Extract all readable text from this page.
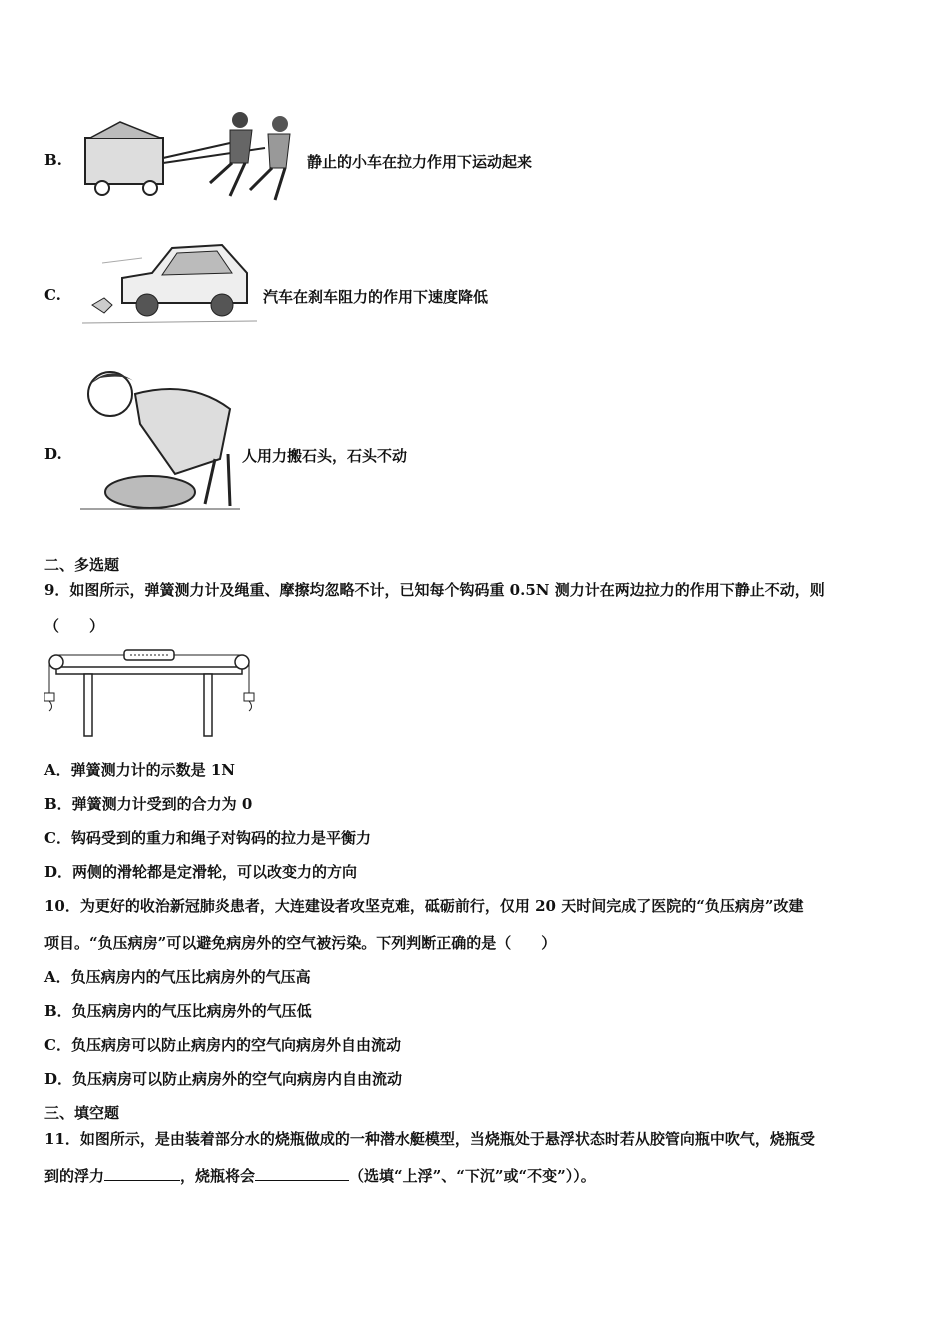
B.	静止的小车在拉力作用下运动起来
C.	汽车在刹车阻力的作用下速度降低
D.	人用力搬石头，石头不动
二、多选题
9．如图所示，弹簧测力计及绳重、摩擦均忽略不计，已知每个钩码重 0.5N 测力计在两边拉力的作用下静止不动，则
（　　）
A．弹簧测力计的示数是 1N
B．弹簧测力计受到的合力为 0
C．钩码受到的重力和绳子对钩码的拉力是平衡力
D．两侧的滑轮都是定滑轮，可以改变力的方向
10．为更好的收治新冠肺炎患者，大连建设者攻坚克难，砥砺前行，仅用 20 天时间完成了医院的“负压病房”改建
项目。“负压病房”可以避免病房外的空气被污染。下列判断正确的是（　　）
A．负压病房内的气压比病房外的气压高
B．负压病房内的气压比病房外的气压低
C．负压病房可以防止病房内的空气向病房外自由流动
D．负压病房可以防止病房外的空气向病房内自由流动
三、填空题
11．如图所示，是由装着部分水的烧瓶做成的一种潜水艇模型，当烧瓶处于悬浮状态时若从胶管向瓶中吹气，烧瓶受
到的浮力	，烧瓶将会	（选填“上浮”、“下沉”或“不变”））。
